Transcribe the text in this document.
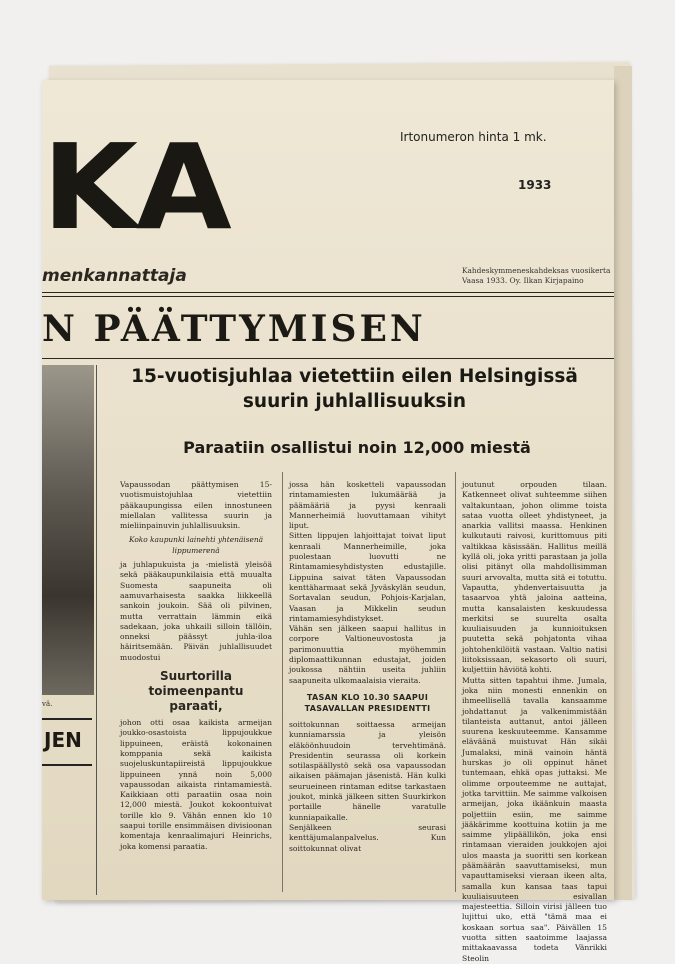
KA
menkannattaja
Irtonumeron hinta 1 mk.
1933
Kahdeskymmeneskahdeksas vuosikerta
Vaasa 1933. Oy. Ilkan Kirjapaino
N PÄÄTTYMISEN
vä.
JEN
15-vuotisjuhlaa vietettiin eilen Helsingissä suurin juhlallisuuksin
Paraatiin osallistui noin 12,000 miestä

Vapaussodan päättymisen 15-vuotismuistojuhlaa vietettiin pääkaupungissa eilen innostuneen miellalan vallitessa suurin ja mieliinpainuvin juhlallisuuksin.

Koko kaupunki lainehti yhtenäisenä lippumerenä

ja juhlapukuista ja -mielistä yleisöä sekä pääkaupunkilaisia että muualta Suomesta saapuneita oli aamuvarhaisesta saakka liikkeellä sankoin joukoin. Sää oli pilvinen, mutta verrattain lämmin eikä sadekaan, joka uhkaili silloin tällöin, onneksi päässyt juhla-iloa häiritsemään. Päivän juhlallisuudet muodostui

Suurtorilla toimeenpantu paraati,

johon otti osaa kaikista armeijan joukko-osastoista lippujoukkue lippuineen, eräistä kokonainen komppania sekä kaikista suojeluskuntapiireistä lippujoukkue lippuineen ynnä noin 5,000 vapaussodan aikaista rintamamiestä. Kaikkiaan otti paraatiin osaa noin 12,000 miestä. Joukot kokoontuivat torille klo 9. Vähän ennen klo 10 saapui torille ensimmäisen divisioonan komentaja kenraalimajuri Heinrichs, joka komensi paraatia.

jossa hän kosketteli vapaussodan rintamamiesten lukumäärää ja päämääriä ja pyysi kenraali Mannerheimiä luovuttamaan vihityt liput.

Sitten lippujen lahjoittajat toivat liput kenraali Mannerheimille, joka puolestaan luovutti ne Rintamamiesyhdistysten edustajille. Lippuina saivat täten Vapaussodan kenttäharmaat sekä Jyväskylän seudun, Sortavalan seudun, Pohjois-Karjalan, Vaasan ja Mikkelin seudun rintamamiesyhdistykset.

Vähän sen jälkeen saapui hallitus in corpore Valtioneuvostosta ja parimonuuttia myöhemmin diplomaattikunnan edustajat, joiden joukossa nähtiin useita juhliin saapuneita ulkomaalaisia vieraita.

TASAN KLO 10.30 SAAPUI TASAVALLAN PRESIDENTTI

soittokunnan soittaessa armeijan kunniamarssia ja yleisön eläköönhuudoin tervehtimänä. Presidentin seurassa oli korkein sotilaspäällystö sekä osa vapaussodan aikaisen päämajan jäsenistä. Hän kulki seurueineen rintaman editse tarkastaen joukot, minkä jälkeen sitten Suurkirkon portaille hänelle varatulle kunniapaikalle.

Senjälkeen seurasi kenttäjumalanpalvelus. Kun soittokunnat olivat

joutunut orpouden tilaan. Katkenneet olivat suhteemme siihen valtakuntaan, johon olimme toista sataa vuotta olleet yhdistyneet, ja anarkia vallitsi maassa. Henkinen kulkutauti raivosi, kurittomuus piti valtikkaa käsissään. Hallitus meillä kyllä oli, joka yritti parastaan ja jolla olisi pitänyt olla mahdollisimman suuri arvovalta, mutta sitä ei totuttu. Vapautta, yhdenvertaisuutta ja tasaarvoa yhtä jaloina aatteina, mutta kansalaisten keskuudessa merkitsi se suurelta osalta kuuliaisuuden ja kunnioituksen puutetta sekä pohjatonta vihaa johtohenkilöitä vastaan. Valtio natisi liitoksissaan, sekasorto oli suuri, kuljettiin häviötä kohti.

Mutta sitten tapahtui ihme. Jumala, joka niin monesti ennenkin on ihmeellisellä tavalla kansaamme johdattanut ja valkenimmistään tilanteista auttanut, antoi jälleen suurena keskuuteemme. Kansamme eläväänä muistuvat Hän sikäi Jumalaksi, minä vainoin häntä hurskas jo oli oppinut hänet tuntemaan, ehkä opas juttaksi. Me olimme orpouteemme ne auttajat, jotka tarvittiin. Me saimme valkoisen armeijan, joka ikäänkuin maasta poljettiin esiin, me saimme jääkärimme koottuina kotiin ja me saimme ylipäällikön, joka ensi rintamaan vieraiden joukkojen ajoi ulos maasta ja suoritti sen korkean päämäärän saavuttamiseksi, mun vapauttamiseksi vieraan ikeen alta, samalla kun kansaa taas tapui kuuliaisuuteen esivallan majesteettia. Silloin virisi jälleen tuo lujittui uko, että "tämä maa ei koskaan sortua saa". Päivällen 15 vuotta sitten saatoimme laajassa mittakaavassa todeta Vänrikki Steolin
